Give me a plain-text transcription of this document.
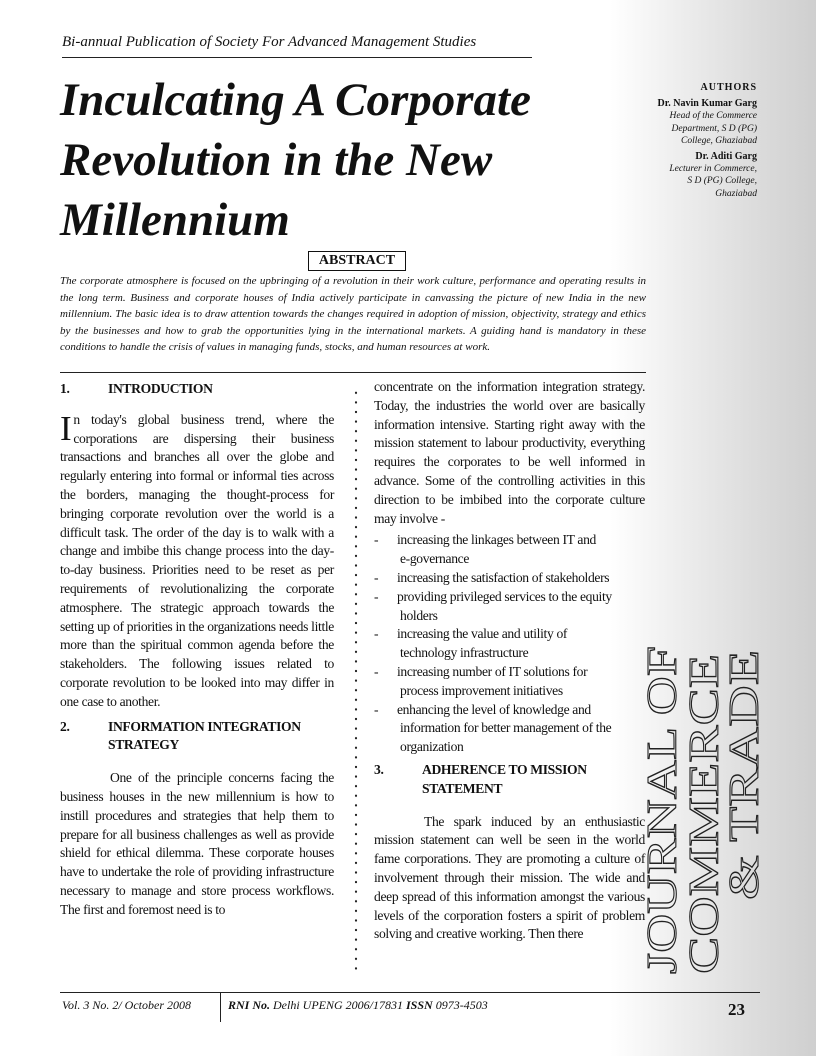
Bi-annual Publication of Society For Advanced Management Studies
Inculcating A Corporate
Revolution in the New
Millennium
AUTHORS
Dr. Navin Kumar Garg
Head of the Commerce
Department, S D (PG)
College, Ghaziabad
Dr. Aditi Garg
Lecturer in Commerce,
S D (PG) College,
Ghaziabad
ABSTRACT
The corporate atmosphere is focused on the upbringing of a revolution in their work culture, performance and operating results in the long term. Business and corporate houses of India actively participate in canvassing the picture of new India in the new millennium. The basic idea is to draw attention towards the changes required in adoption of mission, objectivity, strategy and ethics by the businesses and how to grab the opportunities lying in the international markets. A guiding hand is mandatory in these conditions to handle the crisis of values in managing funds, stocks, and human resources at work.
1.	INTRODUCTION

In today's global business trend, where the corporations are dispersing their business transactions and branches all over the globe and regularly entering into formal or informal ties across the borders, managing the thought-process for bringing corporate revolution over the world is a difficult task. The order of the day is to walk with a change and imbibe this change process into the day-to-day business. Priorities need to be reset as per requirements of revolutionalizing the corporate atmosphere. The strategic approach towards the setting up of priorities in the organizations needs little more than the spiritual common agenda before the stakeholders. The following issues related to corporate revolution to be looked into may differ in one case to another.

2.	INFORMATION INTEGRATION STRATEGY

One of the principle concerns facing the business houses in the new millennium is how to instill procedures and strategies that help them to prepare for all business challenges as well as provide shield for ethical dilemma. These corporate houses have to undertake the role of providing infrastructure necessary to manage and store process workflows. The first and foremost need is to

concentrate on the information integration strategy. Today, the industries the world over are basically information intensive. Starting right away with the mission statement to labour productivity, everything requires the corporates to be well informed in advance. Some of the controlling activities in this direction to be imbibed into the corporate culture may involve -

-	increasing the linkages between IT and
e-governance
-	increasing the satisfaction of stakeholders
-	providing privileged services to the equity
holders
-	increasing the value and utility of
technology infrastructure
-	increasing number of IT solutions for
process improvement initiatives
-	enhancing the level of knowledge and
information for better management of the organization
3.	ADHERENCE TO MISSION STATEMENT

The spark induced by an enthusiastic mission statement can well be seen in the world fame corporations. They are promoting a culture of involvement through their mission. The wide and deep spread of this information amongst the various levels of the corporation fosters a spirit of problem solving and creative working. Then there	JOURNAL OF
COMMERCE
& TRADE
Vol. 3 No. 2/ October 2008	RNI No. Delhi UPENG 2006/17831 ISSN 0973-4503	23
